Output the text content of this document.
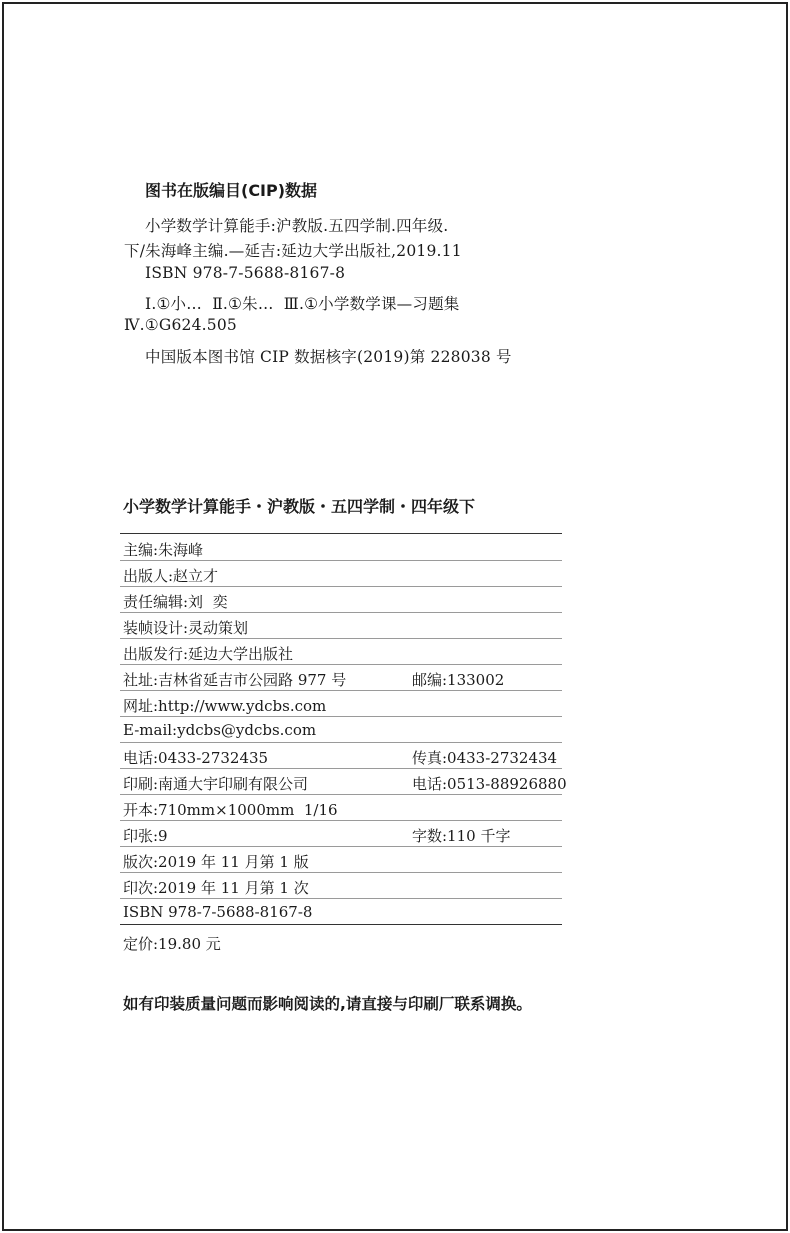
图书在版编目(CIP)数据
小学数学计算能手:沪教版.五四学制.四年级.
下/朱海峰主编.—延吉:延边大学出版社,2019.11
ISBN 978-7-5688-8167-8
Ⅰ.①小…  Ⅱ.①朱…  Ⅲ.①小学数学课—习题集
Ⅳ.①G624.505
中国版本图书馆 CIP 数据核字(2019)第 228038 号
小学数学计算能手・沪教版・五四学制・四年级下
主编:朱海峰
出版人:赵立才
责任编辑:刘  奕
装帧设计:灵动策划
出版发行:延边大学出版社
社址:吉林省延吉市公园路 977 号	邮编:133002
网址:http://www.ydcbs.com
E-mail:ydcbs@ydcbs.com
电话:0433-2732435	传真:0433-2732434
印刷:南通大宇印刷有限公司	电话:0513-88926880
开本:710mm×1000mm  1/16
印张:9	字数:110 千字
版次:2019 年 11 月第 1 版
印次:2019 年 11 月第 1 次
ISBN 978-7-5688-8167-8
定价:19.80 元
如有印装质量问题而影响阅读的,请直接与印刷厂联系调换。
